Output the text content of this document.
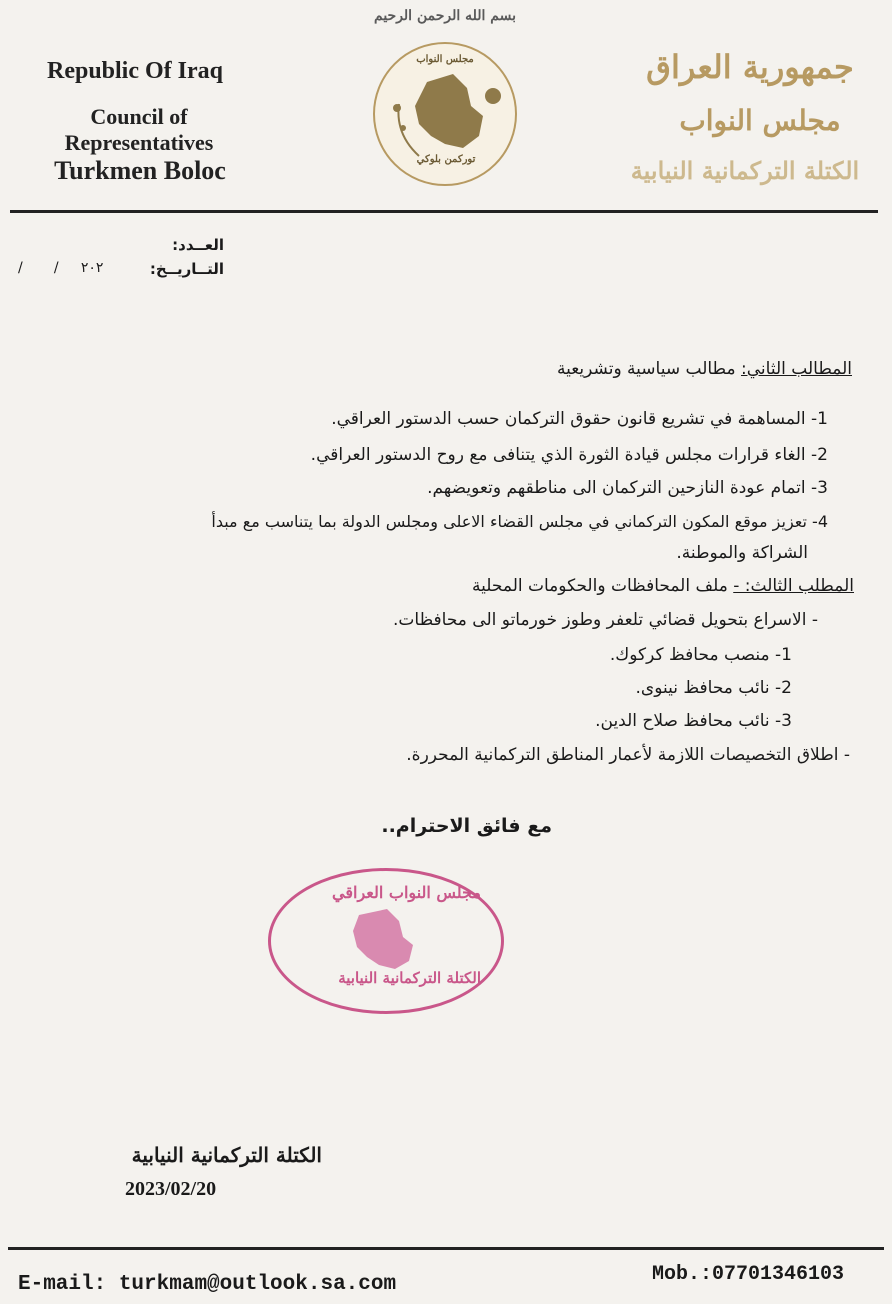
بسم الله الرحمن الرحيم
Republic Of Iraq
Council of Representatives
Turkmen Boloc
مجلس النواب
توركمن بلوكي
جمهورية العراق
مجلس النواب
الكتلة التركمانية النيابية
العــدد:
التــاريــخ:
/       /     ٢٠٢
المطالب الثاني: مطالب سياسية وتشريعية
1- المساهمة في تشريع قانون حقوق التركمان حسب الدستور العراقي.
2- الغاء قرارات مجلس قيادة الثورة الذي يتنافى مع روح الدستور العراقي.
3- اتمام عودة النازحين التركمان الى مناطقهم وتعويضهم.
4- تعزيز موقع المكون التركماني في مجلس القضاء الاعلى ومجلس الدولة بما يتناسب مع مبدأ
الشراكة والموطنة.
المطلب الثالث: - ملف المحافظات والحكومات المحلية
- الاسراع بتحويل قضائي تلعفر وطوز خورماتو الى محافظات.
1- منصب محافظ كركوك.
2- نائب محافظ نينوى.
3- نائب محافظ صلاح الدين.
- اطلاق التخصيصات اللازمة لأعمار المناطق التركمانية المحررة.
مع فائق الاحترام..
مجلس النواب العراقي
الكتلة التركمانية النيابية
الكتلة التركمانية النيابية
2023/02/20
E-mail: turkmam@outlook.sa.com	Mob.:07701346103
